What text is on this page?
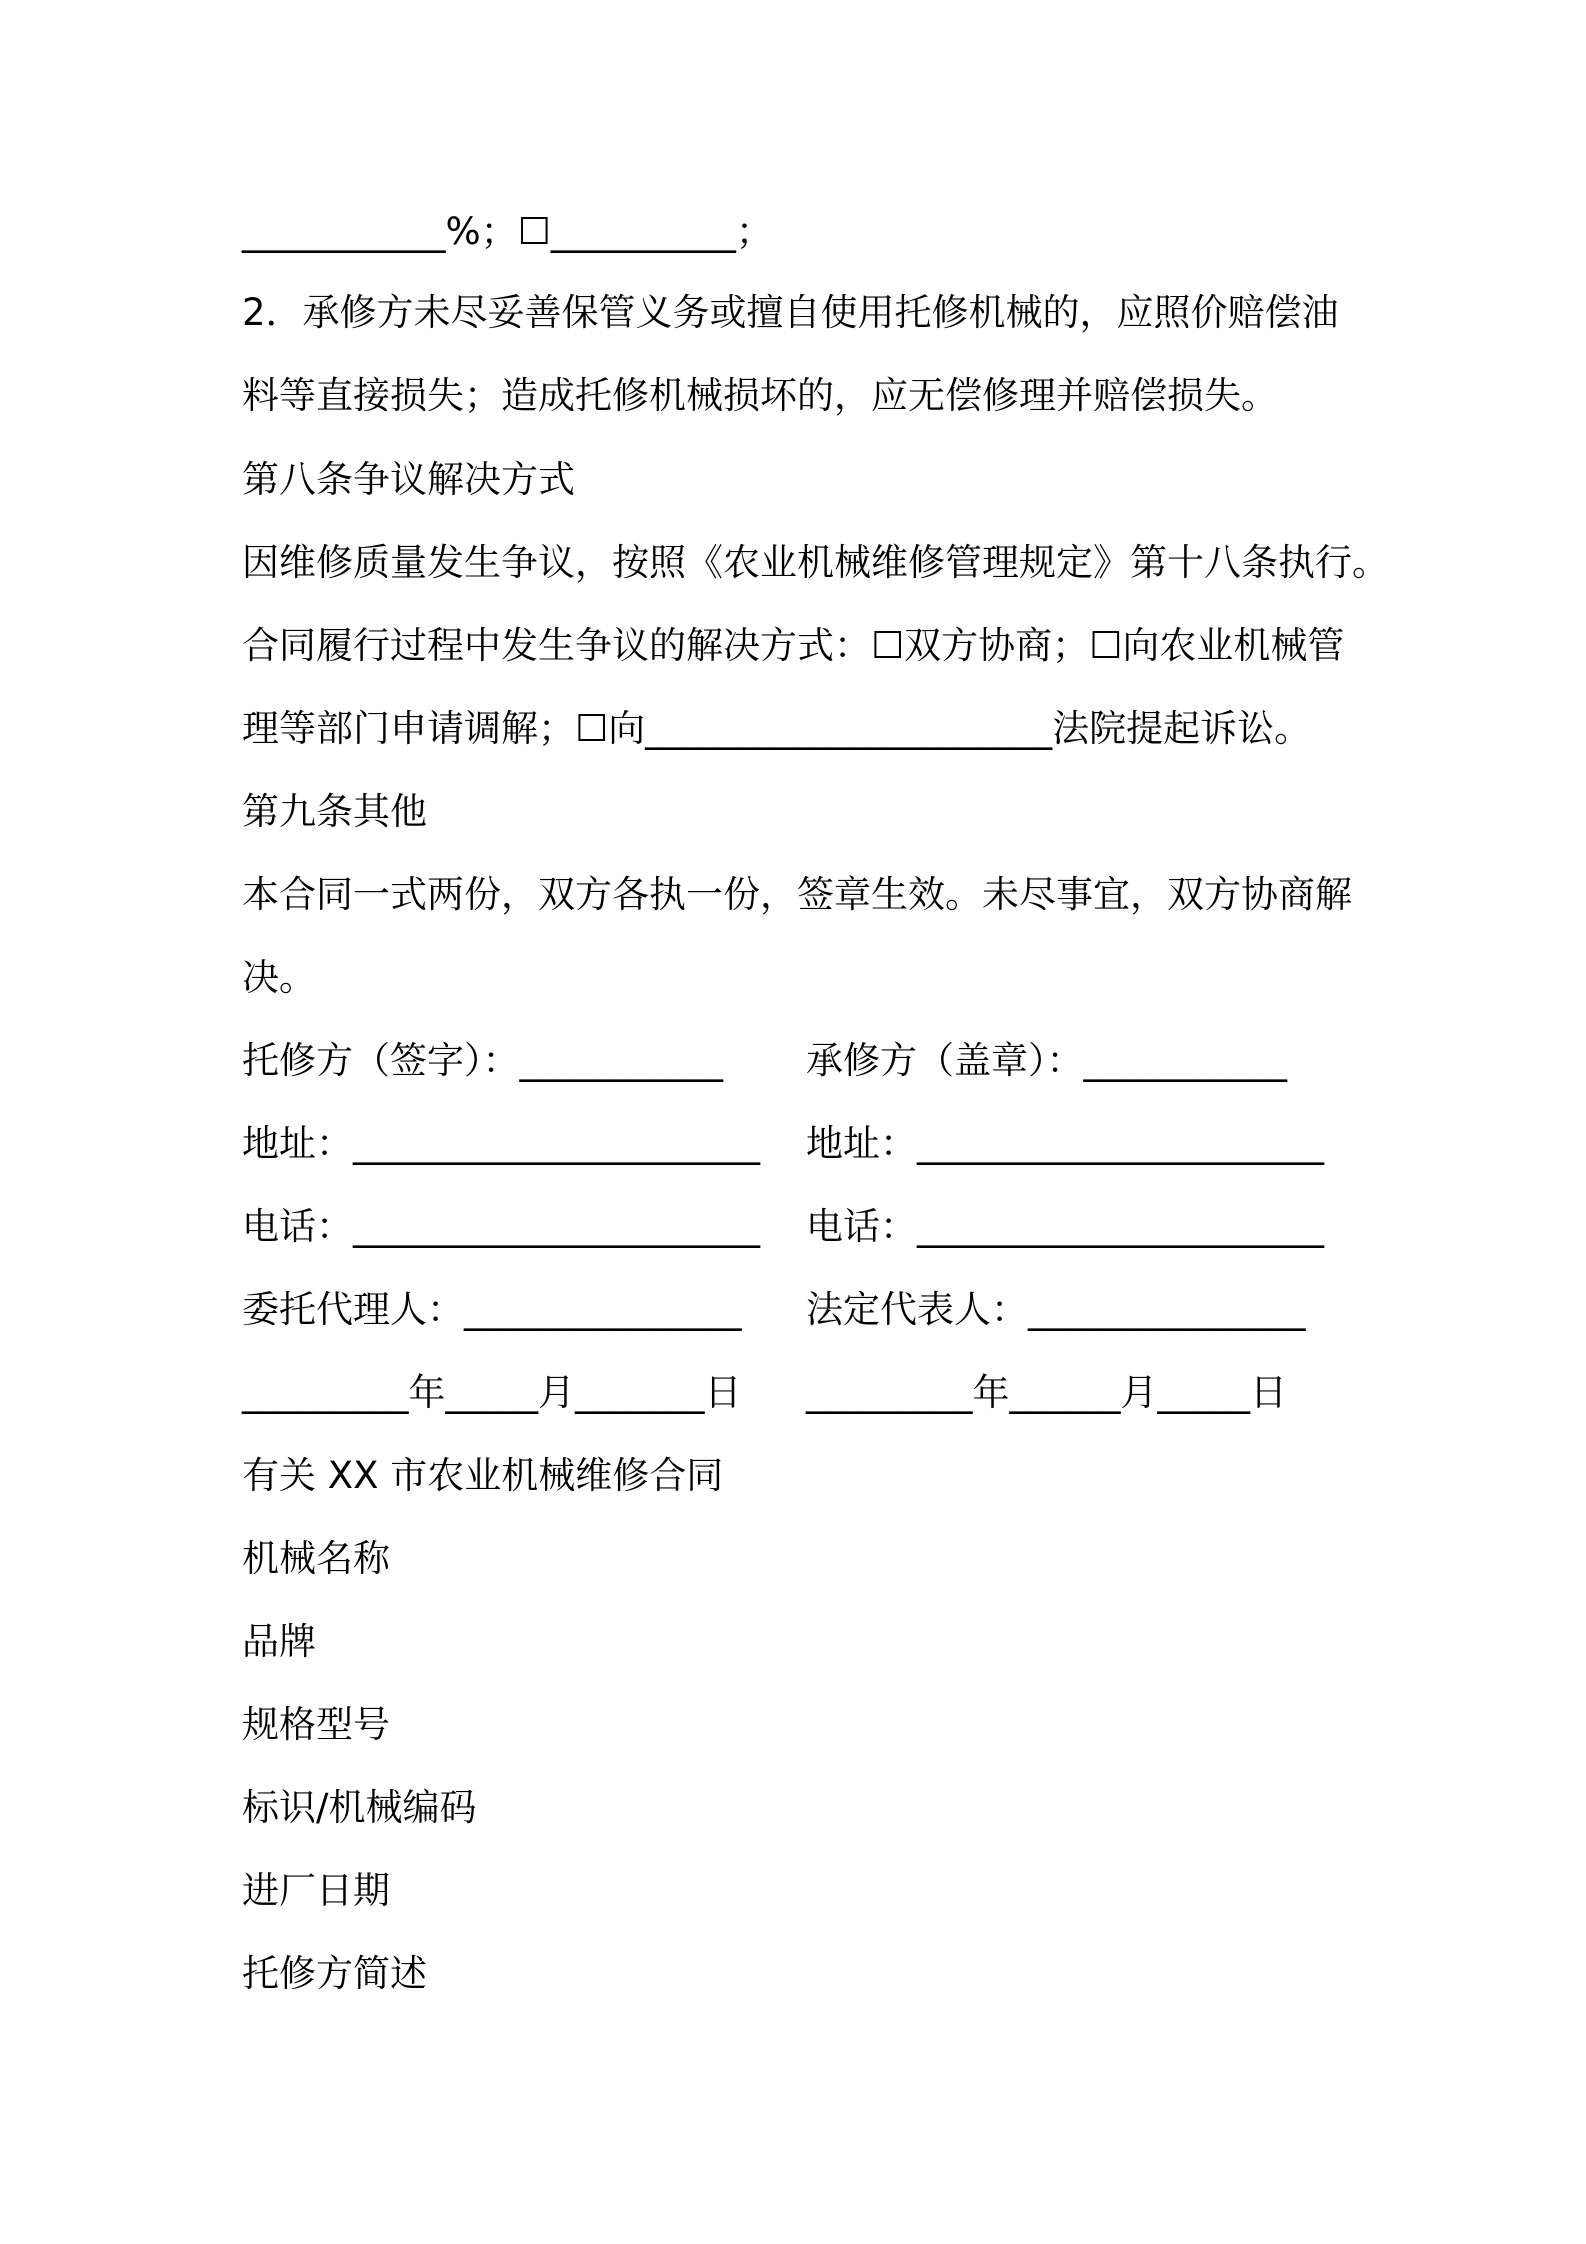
___________%；☐__________；
2．承修方未尽妥善保管义务或擅自使用托修机械的，应照价赔偿油
料等直接损失；造成托修机械损坏的，应无偿修理并赔偿损失。
第八条争议解决方式
因维修质量发生争议，按照《农业机械维修管理规定》第十八条执行。
合同履行过程中发生争议的解决方式：☐双方协商；☐向农业机械管
理等部门申请调解；☐向______________________法院提起诉讼。
第九条其他
本合同一式两份，双方各执一份，签章生效。未尽事宜，双方协商解
决。
托修方（签字）：___________ 承修方（盖章）：___________
地址：______________________ 地址：______________________
电话：______________________ 电话：______________________
委托代理人：_______________ 法定代表人：_______________
_________年_____月_______日 _________年______月_____日
有关 XX 市农业机械维修合同
机械名称
品牌
规格型号
标识/机械编码
进厂日期
托修方简述
